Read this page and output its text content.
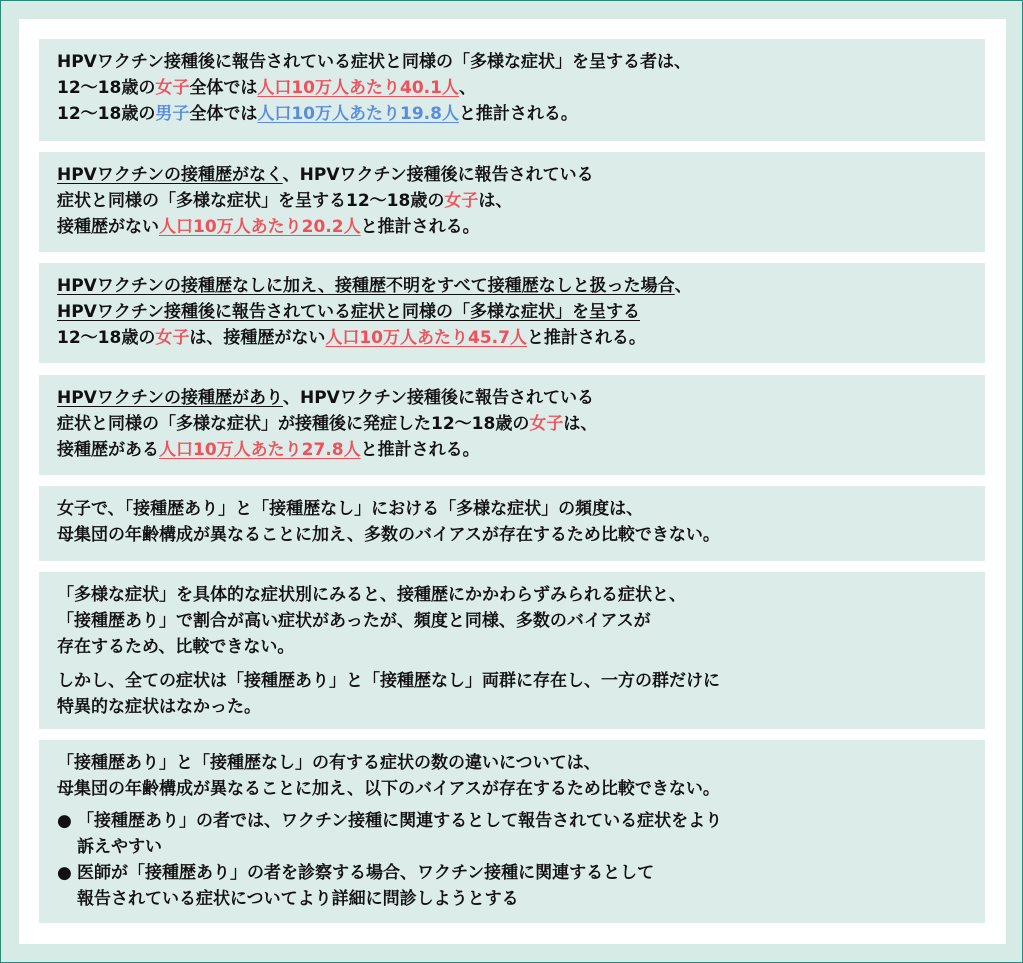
HPVワクチン接種後に報告されている症状と同様の「多様な症状」を呈する者は、
12～18歳の女子全体では人口10万人あたり40.1人、
12～18歳の男子全体では人口10万人あたり19.8人と推計される。
HPVワクチンの接種歴がなく、HPVワクチン接種後に報告されている
症状と同様の「多様な症状」を呈する12～18歳の女子は、
接種歴がない人口10万人あたり20.2人と推計される。
HPVワクチンの接種歴なしに加え、接種歴不明をすべて接種歴なしと扱った場合、
HPVワクチン接種後に報告されている症状と同様の「多様な症状」を呈する
12～18歳の女子は、接種歴がない人口10万人あたり45.7人と推計される。
HPVワクチンの接種歴があり、HPVワクチン接種後に報告されている
症状と同様の「多様な症状」が接種後に発症した12～18歳の女子は、
接種歴がある人口10万人あたり27.8人と推計される。
女子で、「接種歴あり」と「接種歴なし」における「多様な症状」の頻度は、
母集団の年齢構成が異なることに加え、多数のバイアスが存在するため比較できない。
「多様な症状」を具体的な症状別にみると、接種歴にかかわらずみられる症状と、
「接種歴あり」で割合が高い症状があったが、頻度と同様、多数のバイアスが
存在するため、比較できない。
しかし、全ての症状は「接種歴あり」と「接種歴なし」両群に存在し、一方の群だけに
特異的な症状はなかった。
「接種歴あり」と「接種歴なし」の有する症状の数の違いについては、
母集団の年齢構成が異なることに加え、以下のバイアスが存在するため比較できない。
● 「接種歴あり」の者では、ワクチン接種に関連するとして報告されている症状をより
訴えやすい
● 医師が「接種歴あり」の者を診察する場合、ワクチン接種に関連するとして
報告されている症状についてより詳細に問診しようとする
